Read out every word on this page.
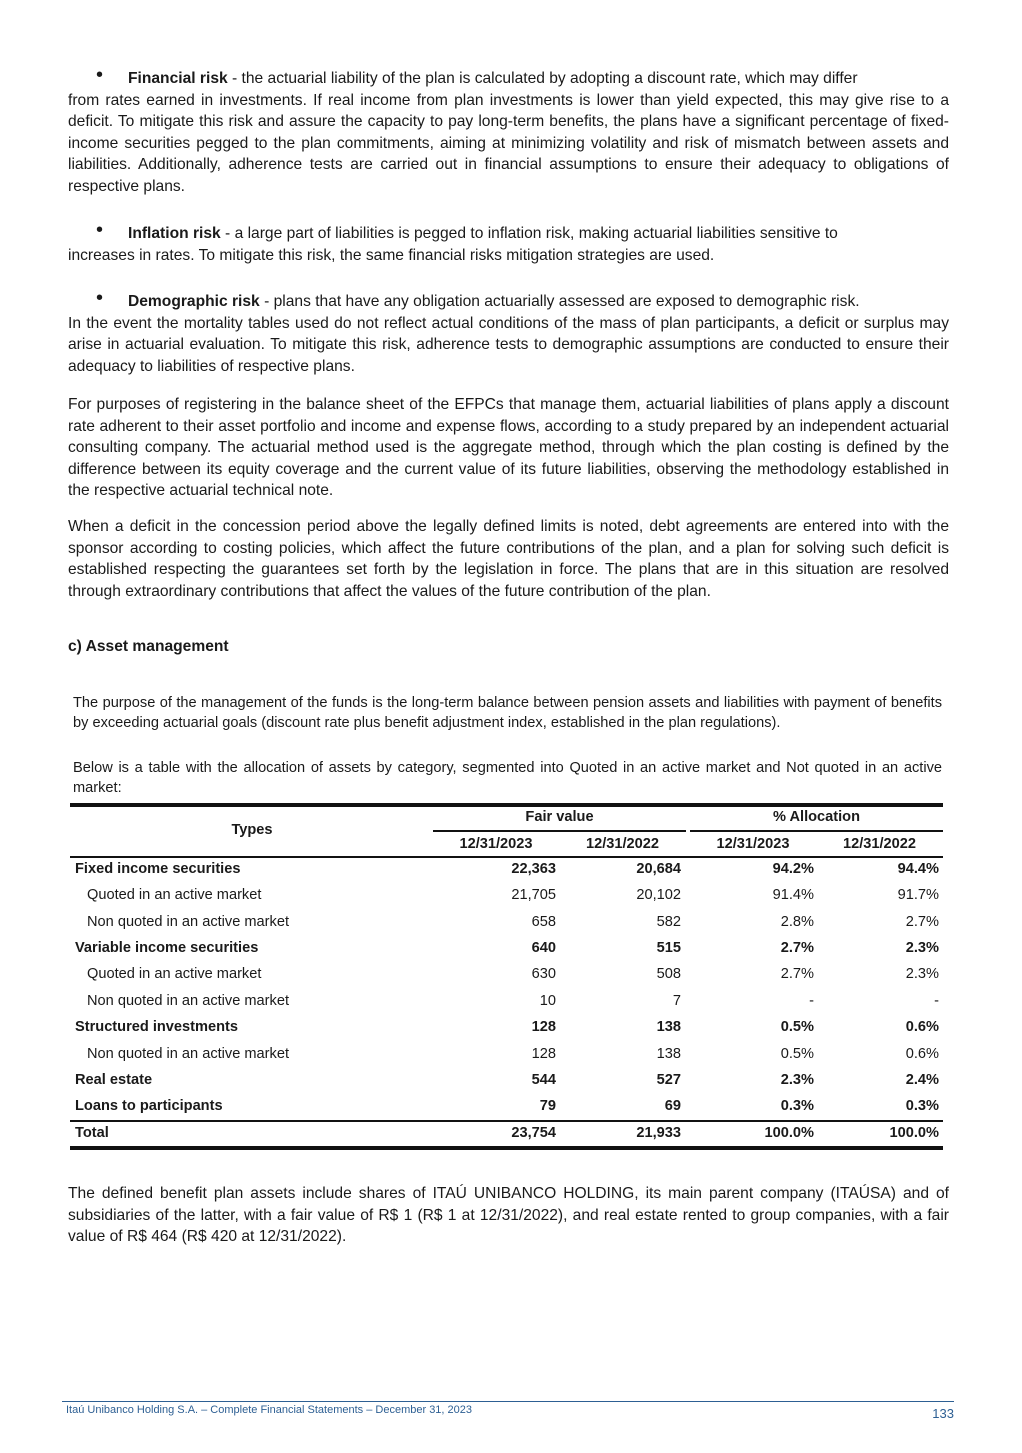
• Financial risk - the actuarial liability of the plan is calculated by adopting a discount rate, which may differ
from rates earned in investments. If real income from plan investments is lower than yield expected, this may give rise to a deficit. To mitigate this risk and assure the capacity to pay long-term benefits, the plans have a significant percentage of fixed-income securities pegged to the plan commitments, aiming at minimizing volatility and risk of mismatch between assets and liabilities. Additionally, adherence tests are carried out in financial assumptions to ensure their adequacy to obligations of respective plans.
• Inflation risk - a large part of liabilities is pegged to inflation risk, making actuarial liabilities sensitive to
increases in rates. To mitigate this risk, the same financial risks mitigation strategies are used.
• Demographic risk - plans that have any obligation actuarially assessed are exposed to demographic risk.
In the event the mortality tables used do not reflect actual conditions of the mass of plan participants, a deficit or surplus may arise in actuarial evaluation. To mitigate this risk, adherence tests to demographic assumptions are conducted to ensure their adequacy to liabilities of respective plans.

For purposes of registering in the balance sheet of the EFPCs that manage them, actuarial liabilities of plans apply a discount rate adherent to their asset portfolio and income and expense flows, according to a study prepared by an independent actuarial consulting company. The actuarial method used is the aggregate method, through which the plan costing is defined by the difference between its equity coverage and the current value of its future liabilities, observing the methodology established in the respective actuarial technical note.

When a deficit in the concession period above the legally defined limits is noted, debt agreements are entered into with the sponsor according to costing policies, which affect the future contributions of the plan, and a plan for solving such deficit is established respecting the guarantees set forth by the legislation in force. The plans that are in this situation are resolved through extraordinary contributions that affect the values of the future contribution of the plan.

c) Asset management

The purpose of the management of the funds is the long-term balance between pension assets and liabilities with payment of benefits by exceeding actuarial goals (discount rate plus benefit adjustment index, established in the plan regulations).

Below is a table with the allocation of assets by category, segmented into Quoted in an active market and Not quoted in an active market:

Types
Fair value	% Allocation
12/31/2023	12/31/2022	12/31/2023	12/31/2022
Fixed income securities	22,363	20,684	94.2%	94.4%
Quoted in an active market	21,705	20,102	91.4%	91.7%
Non quoted in an active market	658	582	2.8%	2.7%
Variable income securities	640	515	2.7%	2.3%
Quoted in an active market	630	508	2.7%	2.3%
Non quoted in an active market	10	7	-	-
Structured investments	128	138	0.5%	0.6%
Non quoted in an active market	128	138	0.5%	0.6%
Real estate	544	527	2.3%	2.4%
Loans to participants	79	69	0.3%	0.3%
Total	23,754	21,933	100.0%	100.0%

The defined benefit plan assets include shares of ITAÚ UNIBANCO HOLDING, its main parent company (ITAÚSA) and of subsidiaries of the latter, with a fair value of R$ 1 (R$ 1 at 12/31/2022), and real estate rented to group companies, with a fair value of R$ 464 (R$ 420 at 12/31/2022).

Itaú Unibanco Holding S.A. – Complete Financial Statements – December 31, 2023	133
